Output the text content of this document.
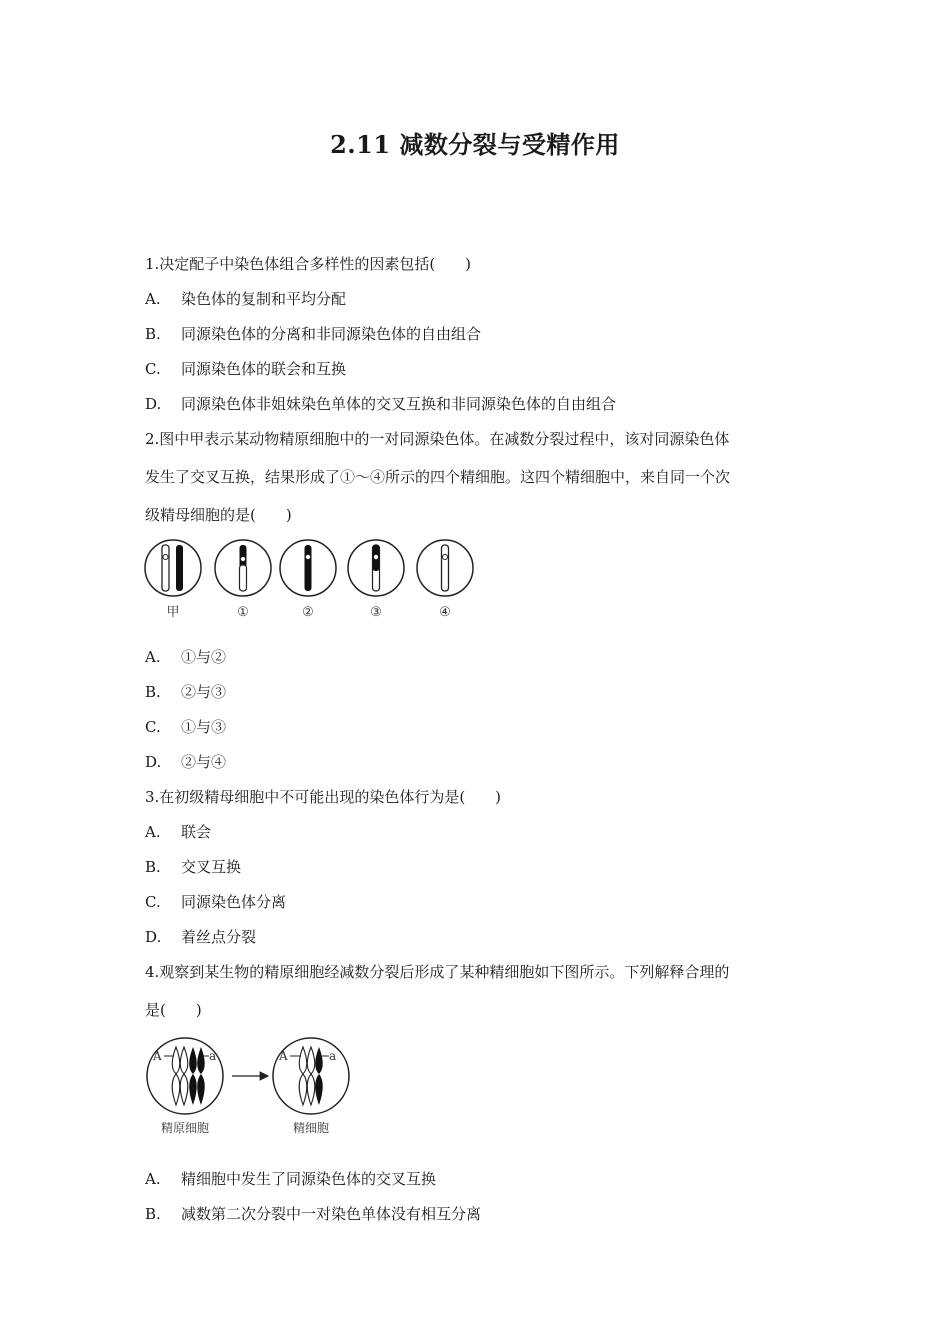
2.11 减数分裂与受精作用
1.决定配子中染色体组合多样性的因素包括(　　)
A. 染色体的复制和平均分配
B. 同源染色体的分离和非同源染色体的自由组合
C. 同源染色体的联会和互换
D. 同源染色体非姐妹染色单体的交叉互换和非同源染色体的自由组合
2.图中甲表示某动物精原细胞中的一对同源染色体。在减数分裂过程中，该对同源染色体
发生了交叉互换，结果形成了①～④所示的四个精细胞。这四个精细胞中，来自同一个次
级精母细胞的是(　　)
甲	①	②	③	④
A. ①与②
B. ②与③
C. ①与③
D. ②与④
3.在初级精母细胞中不可能出现的染色体行为是(　　)
A. 联会
B. 交叉互换
C. 同源染色体分离
D. 着丝点分裂
4.观察到某生物的精原细胞经减数分裂后形成了某种精细胞如下图所示。下列解释合理的
是(　　)
A	a	A	a
精原细胞	精细胞
A. 精细胞中发生了同源染色体的交叉互换
B. 减数第二次分裂中一对染色单体没有相互分离
